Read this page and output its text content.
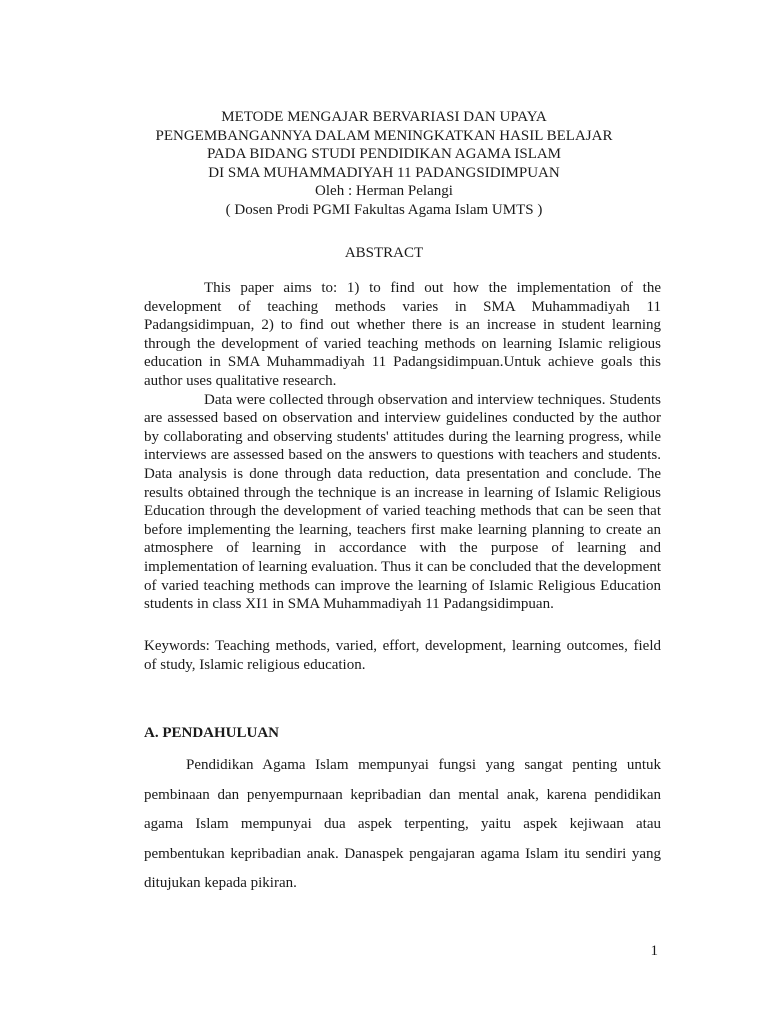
METODE MENGAJAR BERVARIASI DAN UPAYA
PENGEMBANGANNYA DALAM MENINGKATKAN HASIL BELAJAR
PADA BIDANG STUDI PENDIDIKAN AGAMA ISLAM
DI SMA MUHAMMADIYAH 11 PADANGSIDIMPUAN
Oleh : Herman Pelangi
( Dosen Prodi PGMI Fakultas Agama Islam UMTS )
ABSTRACT

This paper aims to: 1) to find out how the implementation of the development of teaching methods varies in SMA Muhammadiyah 11 Padangsidimpuan, 2) to find out whether there is an increase in student learning through the development of varied teaching methods on learning Islamic religious education in SMA Muhammadiyah 11 Padangsidimpuan.Untuk achieve goals this author uses qualitative research.

Data were collected through observation and interview techniques. Students are assessed based on observation and interview guidelines conducted by the author by collaborating and observing students' attitudes during the learning progress, while interviews are assessed based on the answers to questions with teachers and students. Data analysis is done through data reduction, data presentation and conclude. The results obtained through the technique is an increase in learning of Islamic Religious Education through the development of varied teaching methods that can be seen that before implementing the learning, teachers first make learning planning to create an atmosphere of learning in accordance with the purpose of learning and implementation of learning evaluation. Thus it can be concluded that the development of varied teaching methods can improve the learning of Islamic Religious Education students in class XI1 in SMA Muhammadiyah 11 Padangsidimpuan.

Keywords: Teaching methods, varied, effort, development, learning outcomes, field of study, Islamic religious education.

A. PENDAHULUAN

Pendidikan Agama Islam mempunyai fungsi yang sangat penting untuk pembinaan dan penyempurnaan kepribadian dan mental anak, karena pendidikan agama Islam mempunyai dua aspek terpenting, yaitu aspek kejiwaan atau pembentukan kepribadian anak. Danaspek pengajaran agama Islam itu sendiri yang ditujukan kepada pikiran.

1
